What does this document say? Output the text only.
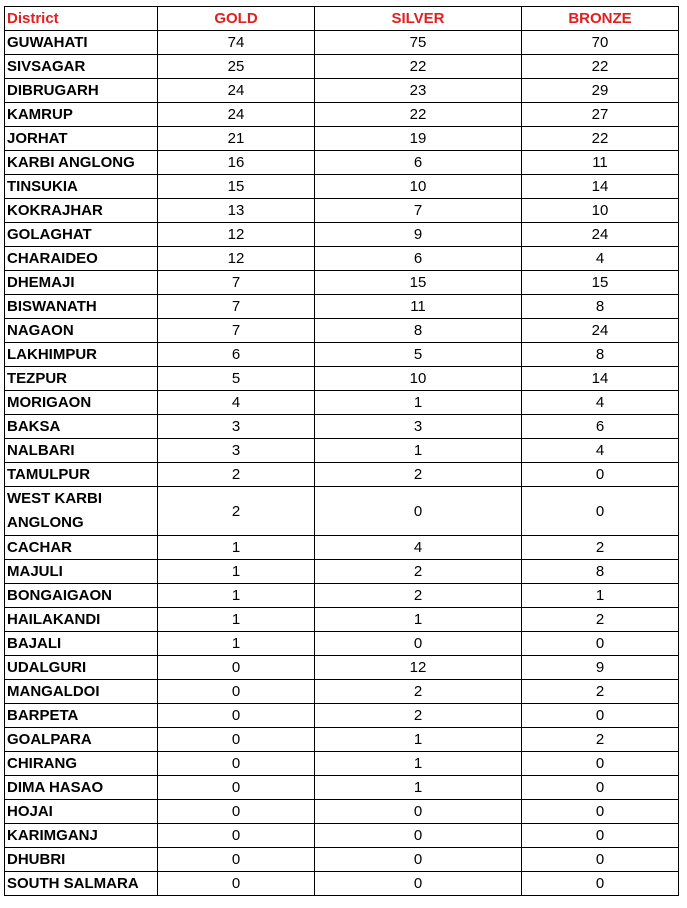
District	GOLD	SILVER	BRONZE
GUWAHATI	74	75	70
SIVSAGAR	25	22	22
DIBRUGARH	24	23	29
KAMRUP	24	22	27
JORHAT	21	19	22
KARBI ANGLONG	16	6	11
TINSUKIA	15	10	14
KOKRAJHAR	13	7	10
GOLAGHAT	12	9	24
CHARAIDEO	12	6	4
DHEMAJI	7	15	15
BISWANATH	7	11	8
NAGAON	7	8	24
LAKHIMPUR	6	5	8
TEZPUR	5	10	14
MORIGAON	4	1	4
BAKSA	3	3	6
NALBARI	3	1	4
TAMULPUR	2	2	0
WEST KARBI ANGLONG	2	0	0
CACHAR	1	4	2
MAJULI	1	2	8
BONGAIGAON	1	2	1
HAILAKANDI	1	1	2
BAJALI	1	0	0
UDALGURI	0	12	9
MANGALDOI	0	2	2
BARPETA	0	2	0
GOALPARA	0	1	2
CHIRANG	0	1	0
DIMA HASAO	0	1	0
HOJAI	0	0	0
KARIMGANJ	0	0	0
DHUBRI	0	0	0
SOUTH SALMARA	0	0	0
